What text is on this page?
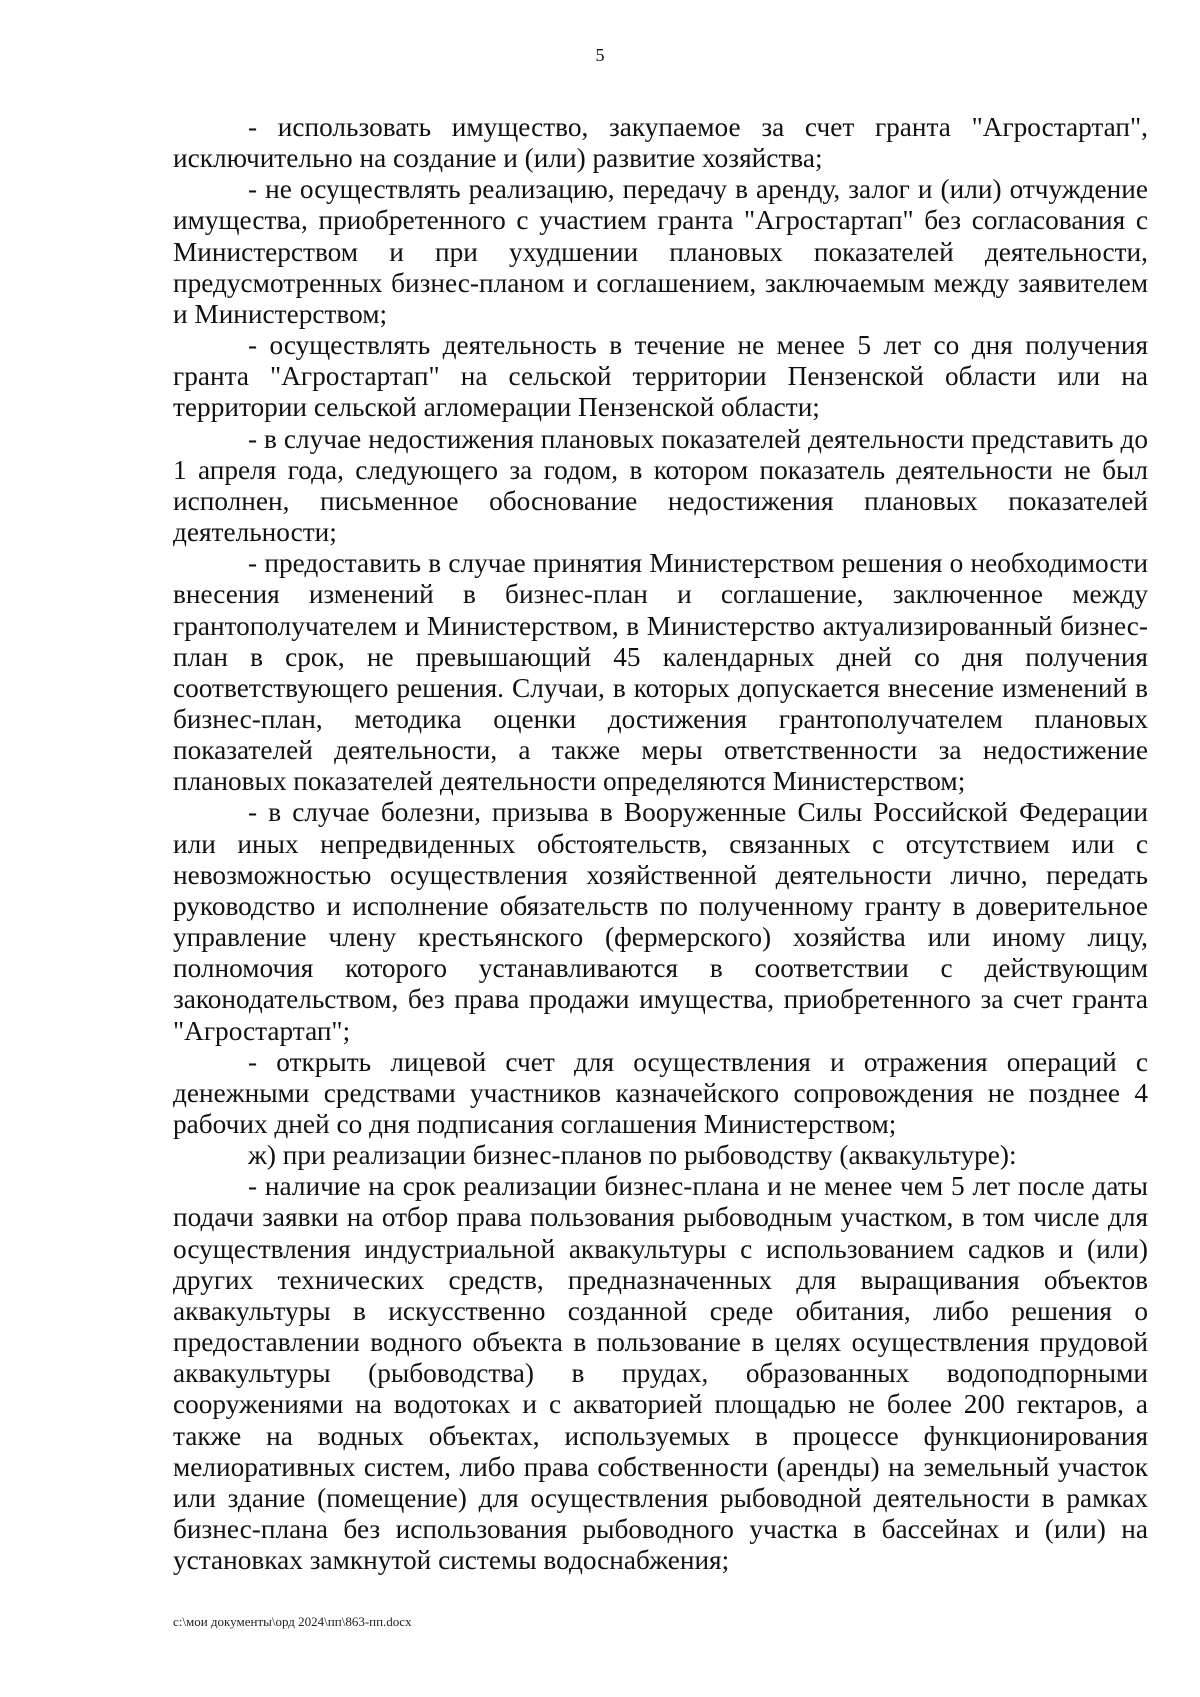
5

- использовать имущество, закупаемое за счет гранта "Агростартап", исключительно на создание и (или) развитие хозяйства;

- не осуществлять реализацию, передачу в аренду, залог и (или) отчуждение имущества, приобретенного с участием гранта "Агростартап" без согласования с Министерством и при ухудшении плановых показателей деятельности, предусмотренных бизнес-планом и соглашением, заключаемым между заявителем и Министерством;

- осуществлять деятельность в течение не менее 5 лет со дня получения гранта "Агростартап" на сельской территории Пензенской области или на территории сельской агломерации Пензенской области;

- в случае недостижения плановых показателей деятельности представить до 1 апреля года, следующего за годом, в котором показатель деятельности не был исполнен, письменное обоснование недостижения плановых показателей деятельности;

- предоставить в случае принятия Министерством решения о необходимости внесения изменений в бизнес-план и соглашение, заключенное между грантополучателем и Министерством, в Министерство актуализированный бизнес-план в срок, не превышающий 45 календарных дней со дня получения соответствующего решения. Случаи, в которых допускается внесение изменений в бизнес-план, методика оценки достижения грантополучателем плановых показателей деятельности, а также меры ответственности за недостижение плановых показателей деятельности определяются Министерством;

- в случае болезни, призыва в Вооруженные Силы Российской Федерации или иных непредвиденных обстоятельств, связанных с отсутствием или с невозможностью осуществления хозяйственной деятельности лично, передать руководство и исполнение обязательств по полученному гранту в доверительное управление члену крестьянского (фермерского) хозяйства или иному лицу, полномочия которого устанавливаются в соответствии с действующим законодательством, без права продажи имущества, приобретенного за счет гранта "Агростартап";

- открыть лицевой счет для осуществления и отражения операций с денежными средствами участников казначейского сопровождения не позднее 4 рабочих дней со дня подписания соглашения Министерством;

ж) при реализации бизнес-планов по рыбоводству (аквакультуре):

- наличие на срок реализации бизнес-плана и не менее чем 5 лет после даты подачи заявки на отбор права пользования рыбоводным участком, в том числе для осуществления индустриальной аквакультуры с использованием садков и (или) других технических средств, предназначенных для выращивания объектов аквакультуры в искусственно созданной среде обитания, либо решения о предоставлении водного объекта в пользование в целях осуществления прудовой аквакультуры (рыбоводства) в прудах, образованных водоподпорными сооружениями на водотоках и с акваторией площадью не более 200 гектаров, а также на водных объектах, используемых в процессе функционирования мелиоративных систем, либо права собственности (аренды) на земельный участок или здание (помещение) для осуществления рыбоводной деятельности в рамках бизнес-плана без использования рыбоводного участка в бассейнах и (или) на установках замкнутой системы водоснабжения;

c:\мои документы\орд 2024\пп\863-пп.docx
